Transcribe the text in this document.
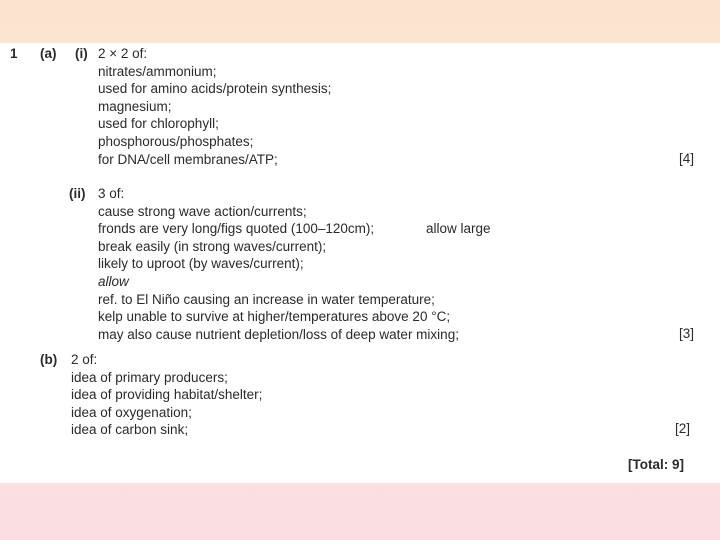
1 (a) (i) 2 × 2 of:
nitrates/ammonium;
used for amino acids/protein synthesis;
magnesium;
used for chlorophyll;
phosphorous/phosphates;
for DNA/cell membranes/ATP;	[4]
(ii) 3 of:
cause strong wave action/currents;
fronds are very long/figs quoted (100–120cm);	allow large
break easily (in strong waves/current);
likely to uproot (by waves/current);
allow
ref. to El Niño causing an increase in water temperature;
kelp unable to survive at higher/temperatures above 20 °C;
may also cause nutrient depletion/loss of deep water mixing;	[3]
(b) 2 of:
idea of primary producers;
idea of providing habitat/shelter;
idea of oxygenation;
idea of carbon sink;	[2]
[Total: 9]
